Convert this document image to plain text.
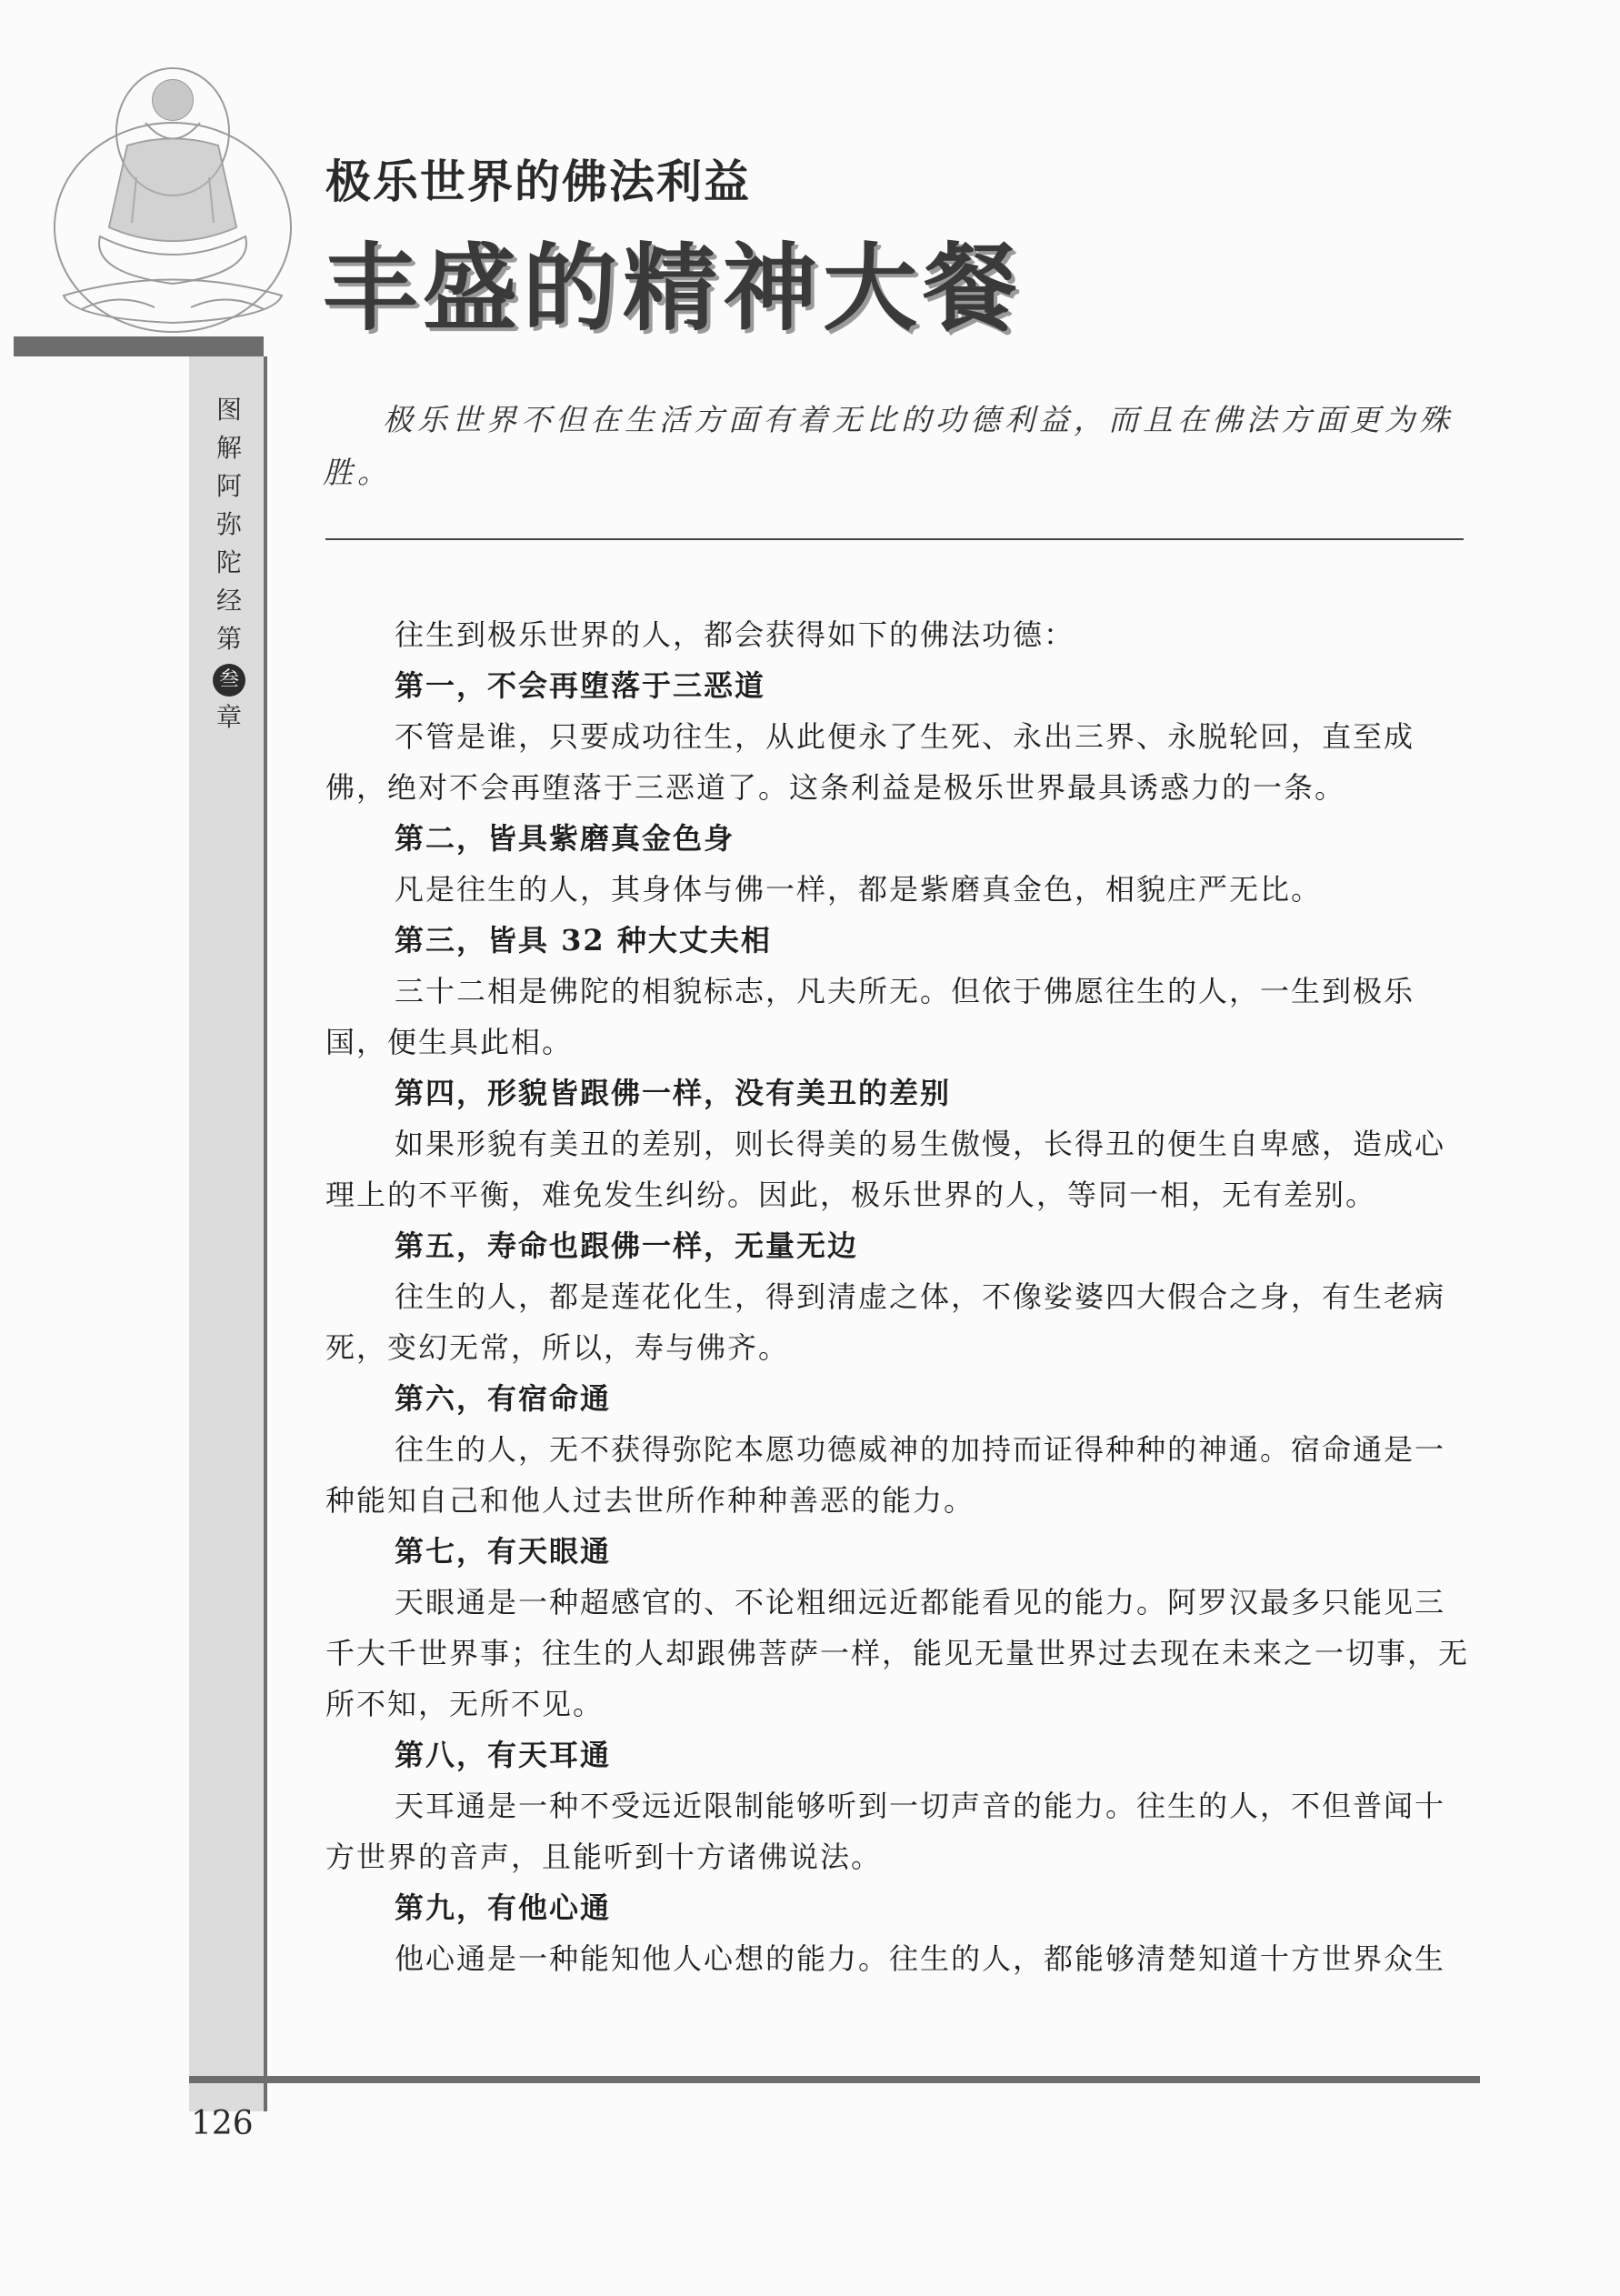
极乐世界的佛法利益
丰盛的精神大餐
图
解
阿
弥
陀
经
第
叁
章
极乐世界不但在生活方面有着无比的功德利益，而且在佛法方面更为殊胜。

往生到极乐世界的人，都会获得如下的佛法功德：

第一，不会再堕落于三恶道

不管是谁，只要成功往生，从此便永了生死、永出三界、永脱轮回，直至成佛，绝对不会再堕落于三恶道了。这条利益是极乐世界最具诱惑力的一条。

第二，皆具紫磨真金色身

凡是往生的人，其身体与佛一样，都是紫磨真金色，相貌庄严无比。

第三，皆具 32 种大丈夫相

三十二相是佛陀的相貌标志，凡夫所无。但依于佛愿往生的人，一生到极乐国，便生具此相。

第四，形貌皆跟佛一样，没有美丑的差别

如果形貌有美丑的差别，则长得美的易生傲慢，长得丑的便生自卑感，造成心理上的不平衡，难免发生纠纷。因此，极乐世界的人，等同一相，无有差别。

第五，寿命也跟佛一样，无量无边

往生的人，都是莲花化生，得到清虚之体，不像娑婆四大假合之身，有生老病死，变幻无常，所以，寿与佛齐。

第六，有宿命通

往生的人，无不获得弥陀本愿功德威神的加持而证得种种的神通。宿命通是一种能知自己和他人过去世所作种种善恶的能力。

第七，有天眼通

天眼通是一种超感官的、不论粗细远近都能看见的能力。阿罗汉最多只能见三千大千世界事；往生的人却跟佛菩萨一样，能见无量世界过去现在未来之一切事，无所不知，无所不见。

第八，有天耳通

天耳通是一种不受远近限制能够听到一切声音的能力。往生的人，不但普闻十方世界的音声，且能听到十方诸佛说法。

第九，有他心通

他心通是一种能知他人心想的能力。往生的人，都能够清楚知道十方世界众生

126
